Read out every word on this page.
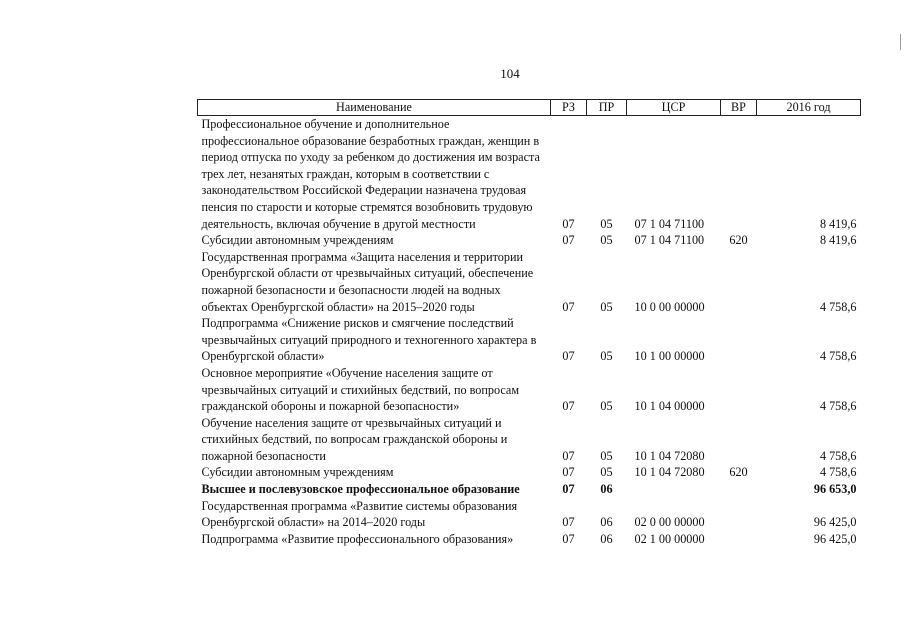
104
Наименование	РЗ	ПР	ЦСР	ВР	2016 год
Профессиональное обучение и дополнительное профессиональное образование безработных граждан, женщин в период отпуска по уходу за ребенком до достижения им возраста трех лет, незанятых граждан, которым в соответствии с законодательством Российской Федерации назначена трудовая пенсия по старости и которые стремятся возобновить трудовую деятельность, включая обучение в другой местности	07	05	07 1 04 71100		8 419,6
Субсидии автономным учреждениям	07	05	07 1 04 71100	620	8 419,6
Государственная программа «Защита населения и территории Оренбургской области от чрезвычайных ситуаций, обеспечение пожарной безопасности и безопасности людей на водных объектах Оренбургской области» на 2015–2020 годы	07	05	10 0 00 00000		4 758,6
Подпрограмма «Снижение рисков и смягчение последствий чрезвычайных ситуаций природного и техногенного характера в Оренбургской области»	07	05	10 1 00 00000		4 758,6
Основное мероприятие «Обучение населения защите от чрезвычайных ситуаций и стихийных бедствий, по вопросам гражданской обороны и пожарной безопасности»	07	05	10 1 04 00000		4 758,6
Обучение населения защите от чрезвычайных ситуаций и стихийных бедствий, по вопросам гражданской обороны и пожарной безопасности	07	05	10 1 04 72080		4 758,6
Субсидии автономным учреждениям	07	05	10 1 04 72080	620	4 758,6
Высшее и послевузовское профессиональное образование	07	06			96 653,0
Государственная программа «Развитие системы образования Оренбургской области» на 2014–2020 годы	07	06	02 0 00 00000		96 425,0
Подпрограмма «Развитие профессионального образования»	07	06	02 1 00 00000		96 425,0
